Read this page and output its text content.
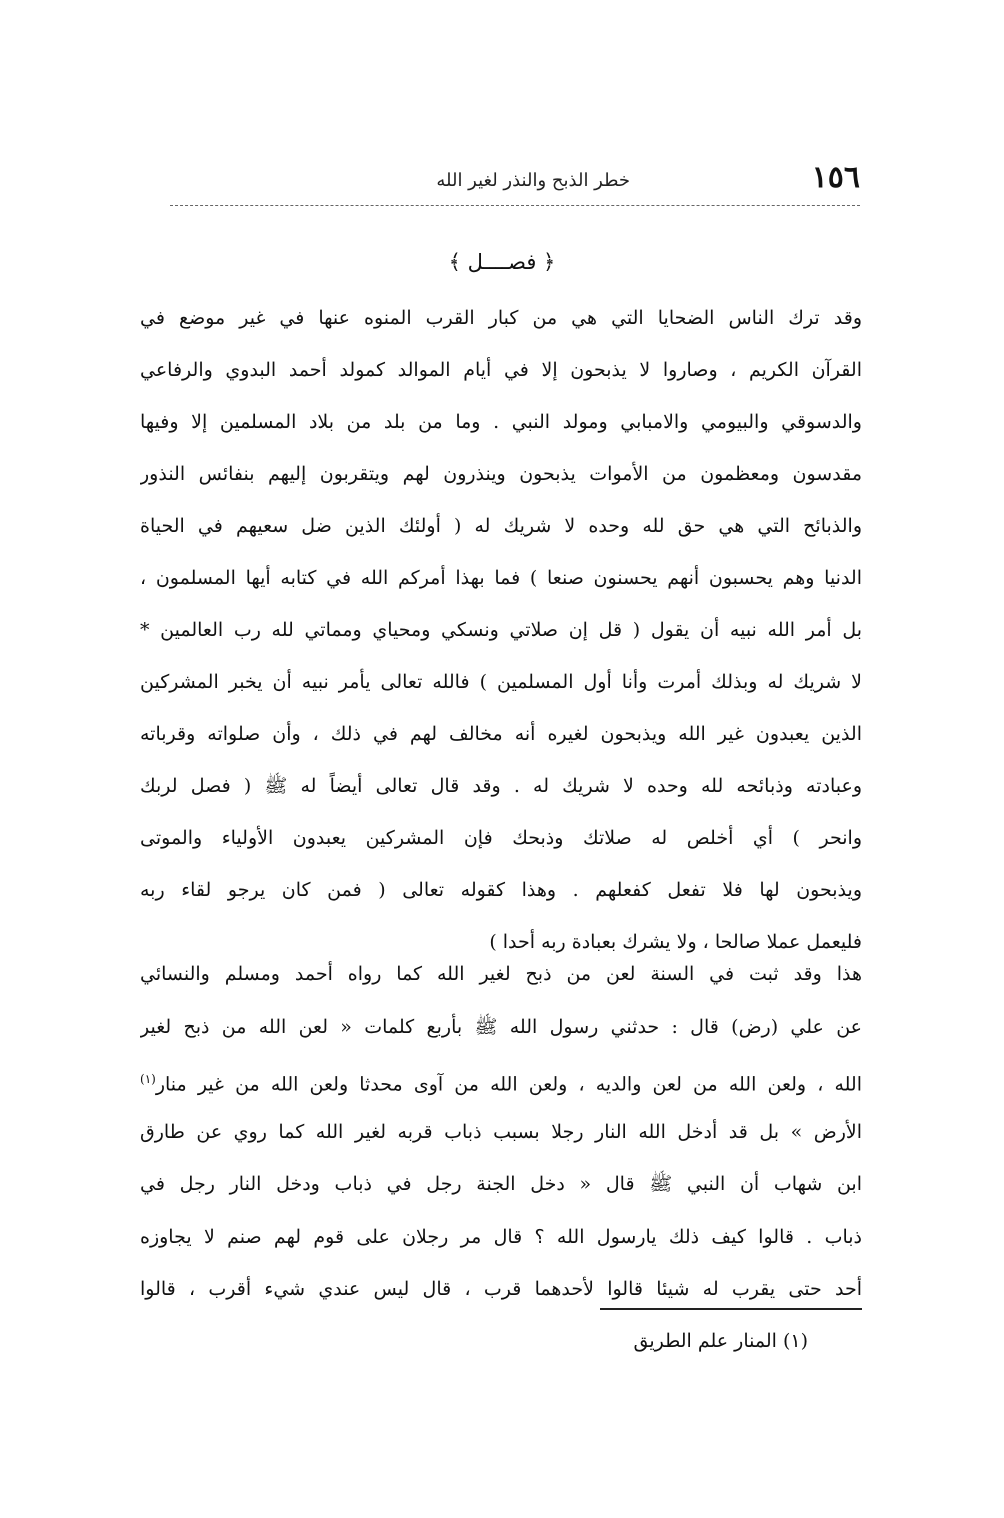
١٥٦
خطر الذبح والنذر لغير الله
﴿ فصــــل ﴾
وقد ترك الناس الضحايا التي هي من كبار القرب المنوه عنها في غير موضع في
القرآن الكريم ، وصاروا لا يذبحون إلا في أيام الموالد كمولد أحمد البدوي والرفاعي
والدسوقي والبيومي والامبابي ومولد النبي . وما من بلد من بلاد المسلمين إلا وفيها
مقدسون ومعظمون من الأموات يذبحون وينذرون لهم ويتقربون إليهم بنفائس النذور
والذبائح التي هي حق لله وحده لا شريك له ( أولئك الذين ضل سعيهم في الحياة
الدنيا وهم يحسبون أنهم يحسنون صنعا ) فما بهذا أمركم الله في كتابه أيها المسلمون ،
بل أمر الله نبيه أن يقول ( قل إن صلاتي ونسكي ومحياي ومماتي لله رب العالمين *
لا شريك له وبذلك أمرت وأنا أول المسلمين ) فالله تعالى يأمر نبيه أن يخبر المشركين
الذين يعبدون غير الله ويذبحون لغيره أنه مخالف لهم في ذلك ، وأن صلواته وقرباته
وعبادته وذبائحه لله وحده لا شريك له . وقد قال تعالى أيضاً له ﷺ ( فصل لربك
وانحر ) أي أخلص له صلاتك وذبحك فإن المشركين يعبدون الأولياء والموتى
ويذبحون لها فلا تفعل كفعلهم . وهذا كقوله تعالى ( فمن كان يرجو لقاء ربه
فليعمل عملا صالحا ، ولا يشرك بعبادة ربه أحدا )
هذا وقد ثبت في السنة لعن من ذبح لغير الله كما رواه أحمد ومسلم والنسائي
عن علي (رض) قال : حدثني رسول الله ﷺ بأربع كلمات « لعن الله من ذبح لغير
الله ، ولعن الله من لعن والديه ، ولعن الله من آوى محدثا ولعن الله من غير منار$^{(١)}$
الأرض » بل قد أدخل الله النار رجلا بسبب ذباب قربه لغير الله كما روي عن طارق
ابن شهاب أن النبي ﷺ قال « دخل الجنة رجل في ذباب ودخل النار رجل في
ذباب . قالوا كيف ذلك يارسول الله ؟ قال مر رجلان على قوم لهم صنم لا يجاوزه
أحد حتى يقرب له شيئا قالوا لأحدهما قرب ، قال ليس عندي شيء أقرب ، قالوا
(١) المنار علم الطريق
